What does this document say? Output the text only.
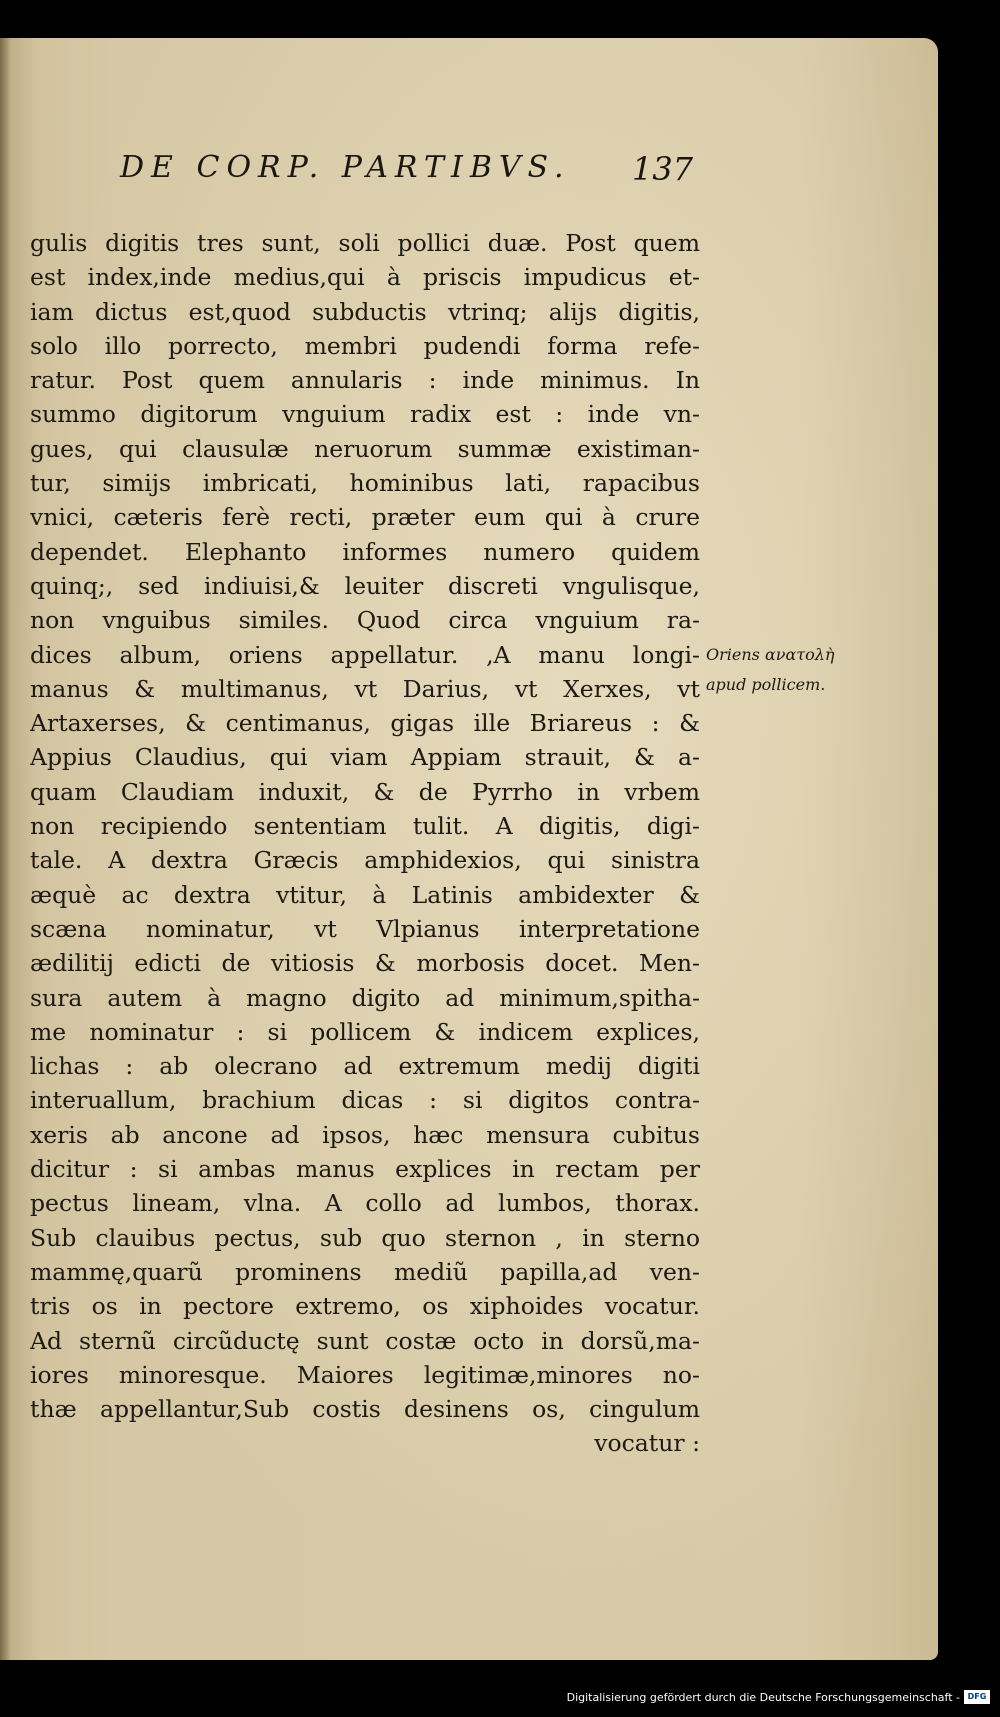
DE CORP. PARTIBVS.	137
gulis digitis tres sunt, soli pollici duæ. Post quem
est index,inde medius,qui à priscis impudicus et-
iam dictus est,quod subductis vtrinq; alijs digitis,
solo illo porrecto, membri pudendi forma refe-
ratur. Post quem annularis : inde minimus. In
summo digitorum vnguium radix est : inde vn-
gues, qui clausulæ neruorum summæ existiman-
tur, simijs imbricati, hominibus lati, rapacibus
vnici, cæteris ferè recti, præter eum qui à crure
dependet. Elephanto informes numero quidem
quinq;, sed indiuisi,& leuiter discreti vngulisque,
non vnguibus similes. Quod circa vnguium ra-
dices album, oriens appellatur. ,A manu longi-
manus & multimanus, vt Darius, vt Xerxes, vt
Artaxerses, & centimanus, gigas ille Briareus : &
Appius Claudius, qui viam Appiam strauit, & a-
quam Claudiam induxit, & de Pyrrho in vrbem
non recipiendo sententiam tulit. A digitis, digi-
tale. A dextra Græcis amphidexios, qui sinistra
æquè ac dextra vtitur, à Latinis ambidexter &
scæna nominatur, vt Vlpianus interpretatione
ædilitij edicti de vitiosis & morbosis docet. Men-
sura autem à magno digito ad minimum,spitha-
me nominatur : si pollicem & indicem explices,
lichas : ab olecrano ad extremum medij digiti
interuallum, brachium dicas : si digitos contra-
xeris ab ancone ad ipsos, hæc mensura cubitus
dicitur : si ambas manus explices in rectam per
pectus lineam, vlna. A collo ad lumbos, thorax.
Sub clauibus pectus, sub quo sternon , in sterno
mammę,quarũ prominens mediũ papilla,ad ven-
tris os in pectore extremo, os xiphoides vocatur.
Ad sternũ circũductę sunt costæ octo in dorsũ,ma-
iores minoresque. Maiores legitimæ,minores no-
thæ appellantur,Sub costis desinens os, cingulum
vocatur :
Oriens ανατολὴ
apud pollicem.
Digitalisierung gefördert durch die Deutsche Forschungsgemeinschaft - DFG
